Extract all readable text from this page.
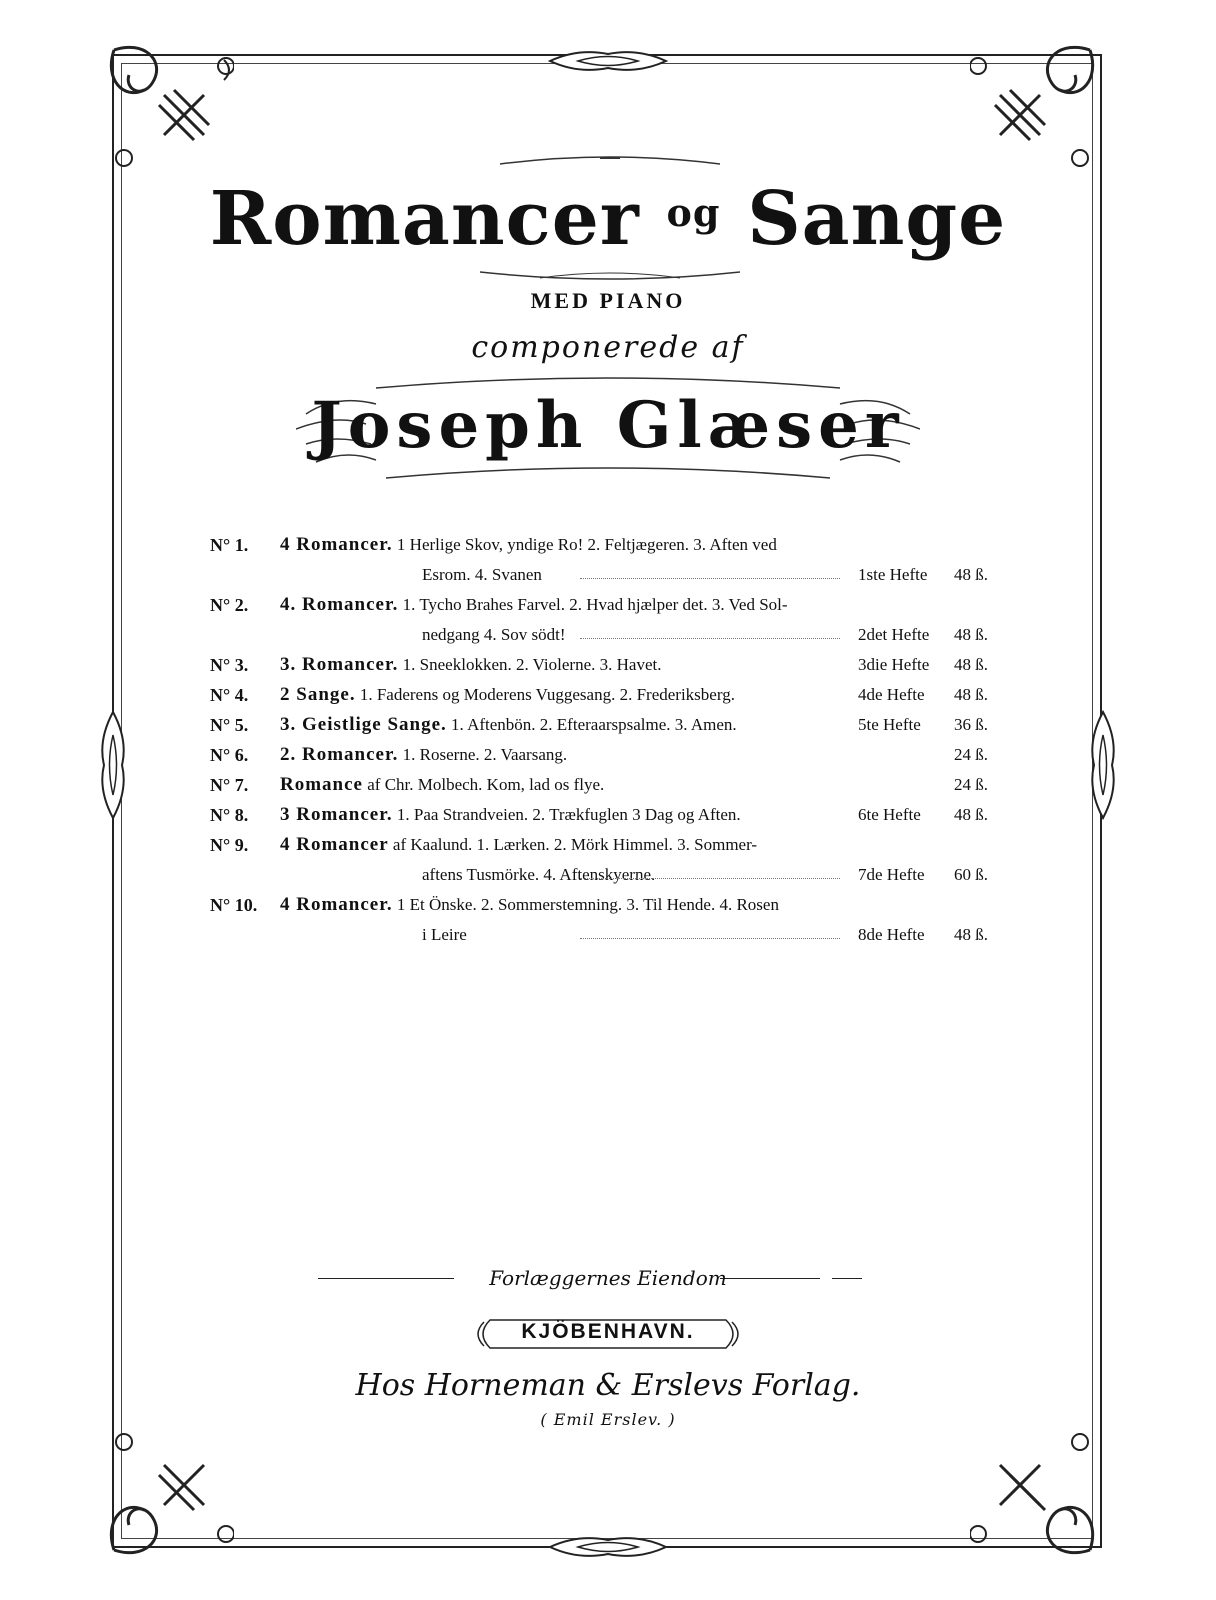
Romancer $^{og}$ Sange
MED PIANO
componerede af
Joseph Glæser
N° 1.	4 Romancer. 1 Herlige Skov, yndige Ro! 2. Feltjægeren. 3. Aften ved
Esrom. 4. Svanen	1ste Hefte 48 ß.
N° 2.	4. Romancer. 1. Tycho Brahes Farvel. 2. Hvad hjælper det. 3. Ved Sol-
nedgang 4. Sov södt!	2det Hefte 48 ß.
N° 3.	3. Romancer. 1. Sneeklokken. 2. Violerne. 3. Havet.	3die Hefte 48 ß.
N° 4.	2 Sange. 1. Faderens og Moderens Vuggesang. 2. Frederiksberg.	4de Hefte 48 ß.
N° 5.	3. Geistlige Sange. 1. Aftenbön. 2. Efteraarspsalme. 3. Amen.	5te Hefte 36 ß.
N° 6.	2. Romancer. 1. Roserne. 2. Vaarsang.	24 ß.
N° 7.	Romance af Chr. Molbech. Kom, lad os flye.	24 ß.
N° 8.	3 Romancer. 1. Paa Strandveien. 2. Trækfuglen 3 Dag og Aften.	6te Hefte 48 ß.
N° 9.	4 Romancer af Kaalund. 1. Lærken. 2. Mörk Himmel. 3. Sommer-
aftens Tusmörke. 4. Aftenskyerne.	7de Hefte 60 ß.
N° 10.	4 Romancer. 1 Et Önske. 2. Sommerstemning. 3. Til Hende. 4. Rosen
i Leire	8de Hefte 48 ß.
Forlæggernes Eiendom
KJÖBENHAVN.
Hos Horneman & Erslevs Forlag.
( Emil Erslev. )
